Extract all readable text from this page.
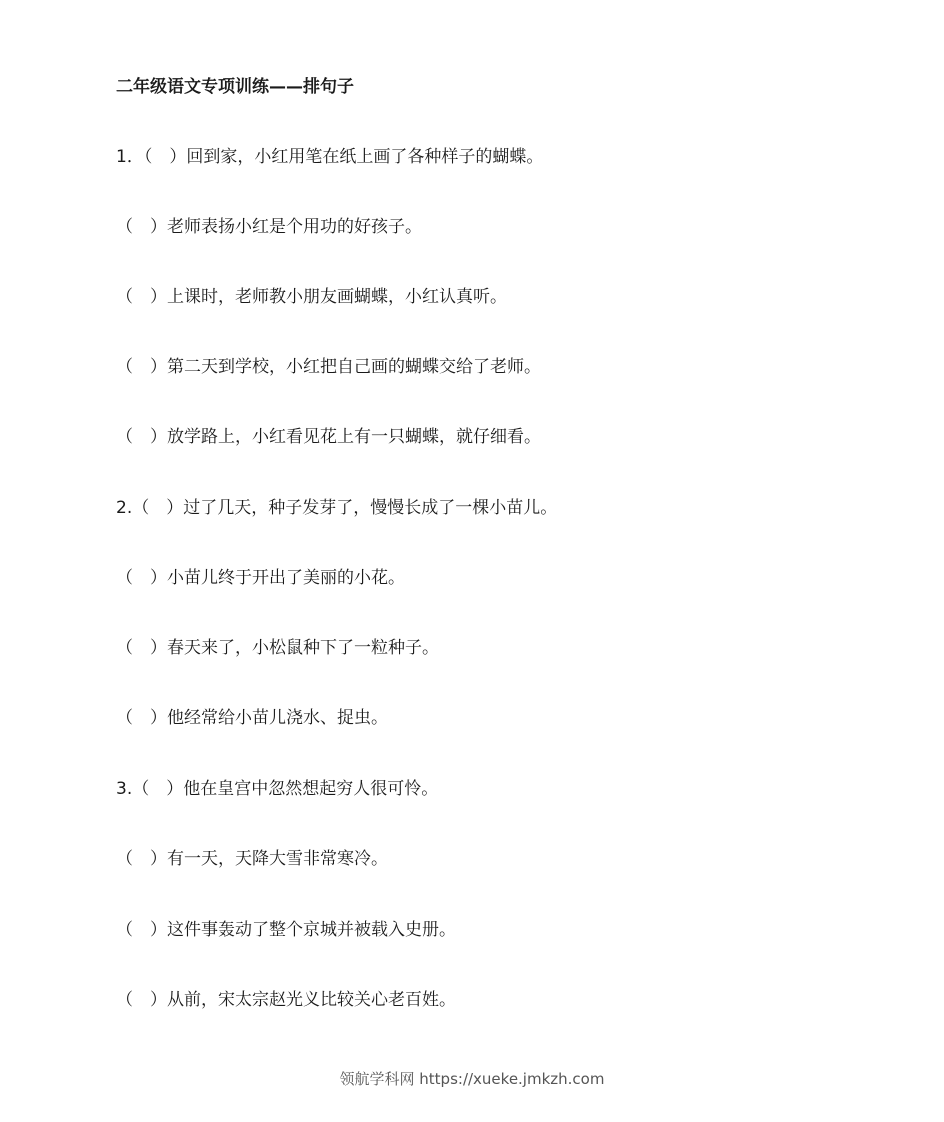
二年级语文专项训练——排句子
1．（　）回到家，小红用笔在纸上画了各种样子的蝴蝶。
（　）老师表扬小红是个用功的好孩子。
（　）上课时，老师教小朋友画蝴蝶，小红认真听。
（　）第二天到学校，小红把自己画的蝴蝶交给了老师。
（　）放学路上，小红看见花上有一只蝴蝶，就仔细看。
2.（　）过了几天，种子发芽了，慢慢长成了一棵小苗儿。
（　）小苗儿终于开出了美丽的小花。
（　）春天来了，小松鼠种下了一粒种子。
（　）他经常给小苗儿浇水、捉虫。
3.（　）他在皇宫中忽然想起穷人很可怜。
（　）有一天，天降大雪非常寒冷。
（　）这件事轰动了整个京城并被载入史册。
（　）从前，宋太宗赵光义比较关心老百姓。
领航学科网 https://xueke.jmkzh.com
